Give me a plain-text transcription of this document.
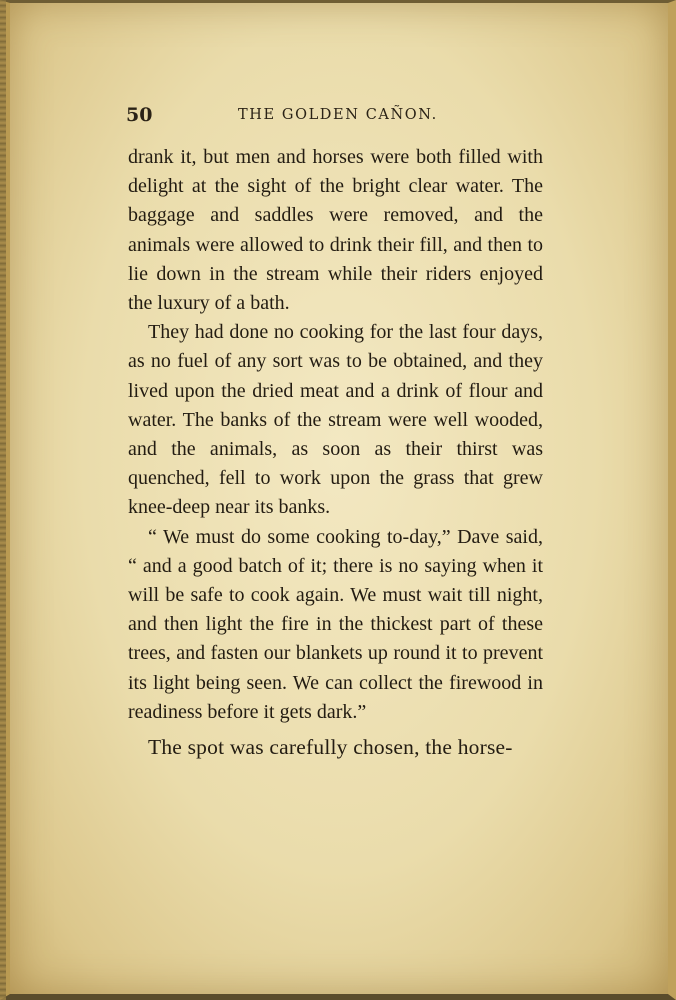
50	THE GOLDEN CAÑON.

drank it, but men and horses were both filled with delight at the sight of the bright clear water. The baggage and saddles were removed, and the animals were allowed to drink their fill, and then to lie down in the stream while their riders enjoyed the luxury of a bath.

They had done no cooking for the last four days, as no fuel of any sort was to be obtained, and they lived upon the dried meat and a drink of flour and water. The banks of the stream were well wooded, and the animals, as soon as their thirst was quenched, fell to work upon the grass that grew knee-deep near its banks.

“ We must do some cooking to-day,” Dave said, “ and a good batch of it; there is no saying when it will be safe to cook again. We must wait till night, and then light the fire in the thickest part of these trees, and fasten our blankets up round it to prevent its light being seen. We can collect the firewood in readiness before it gets dark.”

The spot was carefully chosen, the horse-
